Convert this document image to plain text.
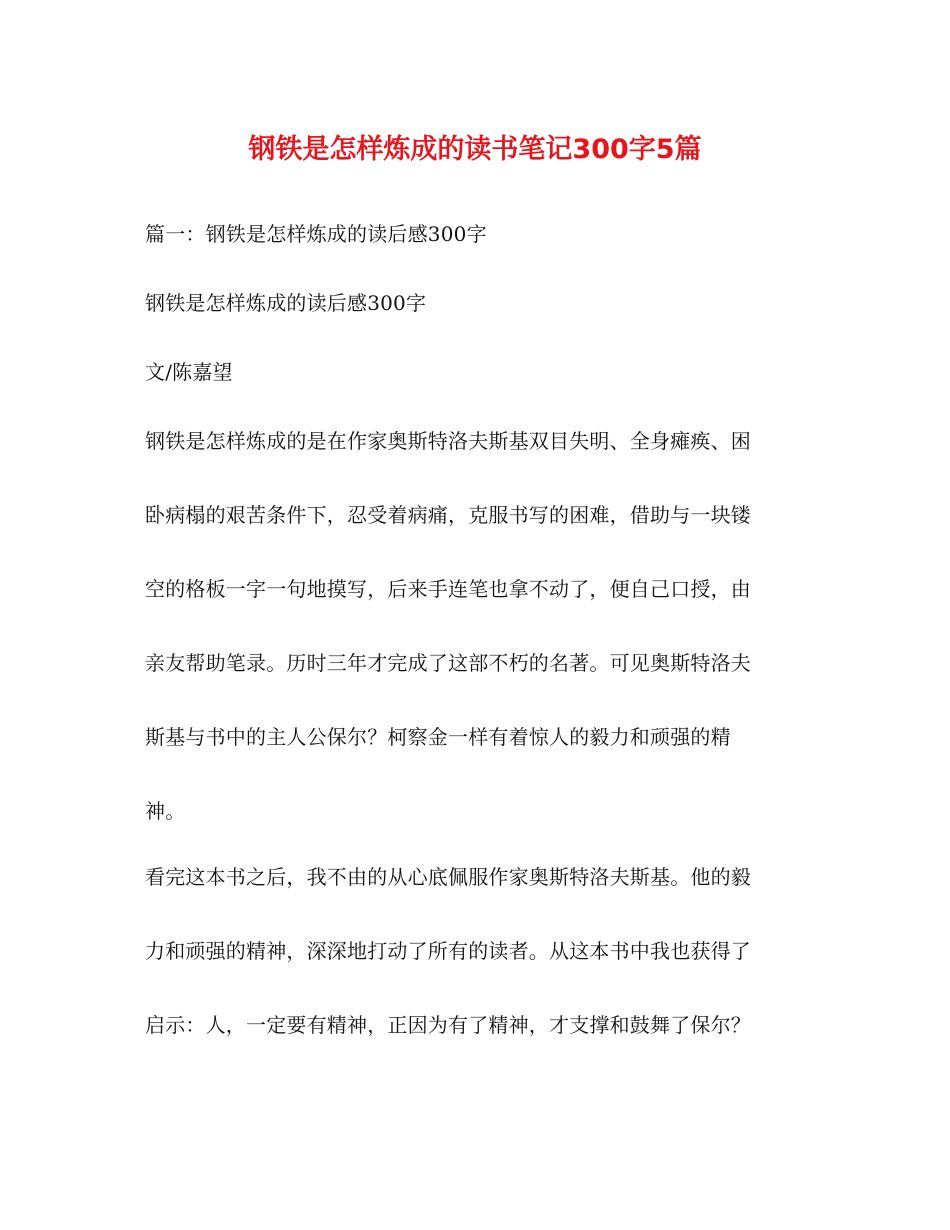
钢铁是怎样炼成的读书笔记300字5篇
篇一：钢铁是怎样炼成的读后感300字
钢铁是怎样炼成的读后感300字
文/陈嘉望
钢铁是怎样炼成的是在作家奥斯特洛夫斯基双目失明、全身瘫痪、困
卧病榻的艰苦条件下，忍受着病痛，克服书写的困难，借助与一块镂
空的格板一字一句地摸写，后来手连笔也拿不动了，便自己口授，由
亲友帮助笔录。历时三年才完成了这部不朽的名著。可见奥斯特洛夫
斯基与书中的主人公保尔？柯察金一样有着惊人的毅力和顽强的精
神。
看完这本书之后，我不由的从心底佩服作家奥斯特洛夫斯基。他的毅
力和顽强的精神，深深地打动了所有的读者。从这本书中我也获得了
启示：人，一定要有精神，正因为有了精神，才支撑和鼓舞了保尔？
